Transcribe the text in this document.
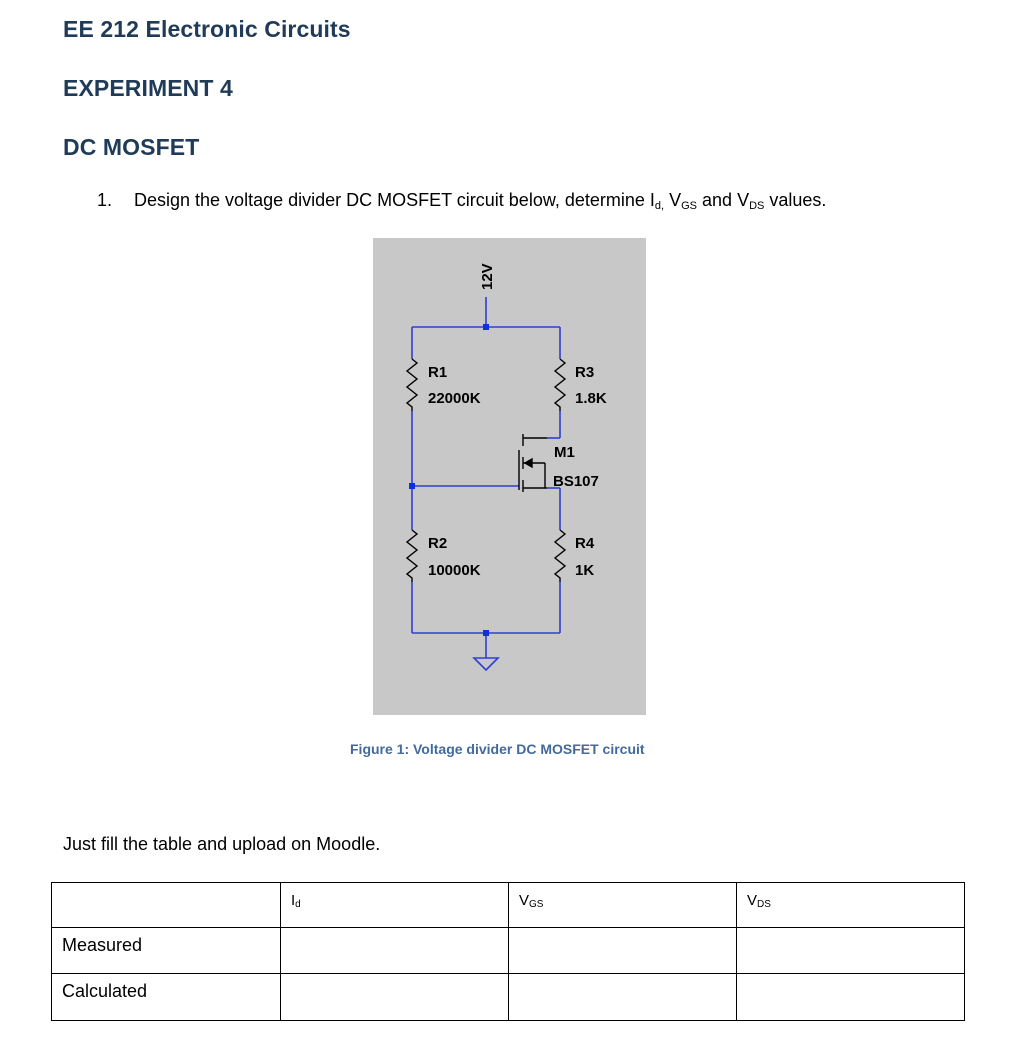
EE 212 Electronic Circuits
EXPERIMENT 4
DC MOSFET
1. Design the voltage divider DC MOSFET circuit below, determine $I_{d,}$ $V_{GS}$ and $V_{DS}$ values.
12V
R1
22000K
R3
1.8K
M1
BS107
R2
10000K
R4
1K
Figure 1: Voltage divider DC MOSFET circuit
Just fill the table and upload on Moodle.
	Id	VGS	VDS
Measured			
Calculated			
